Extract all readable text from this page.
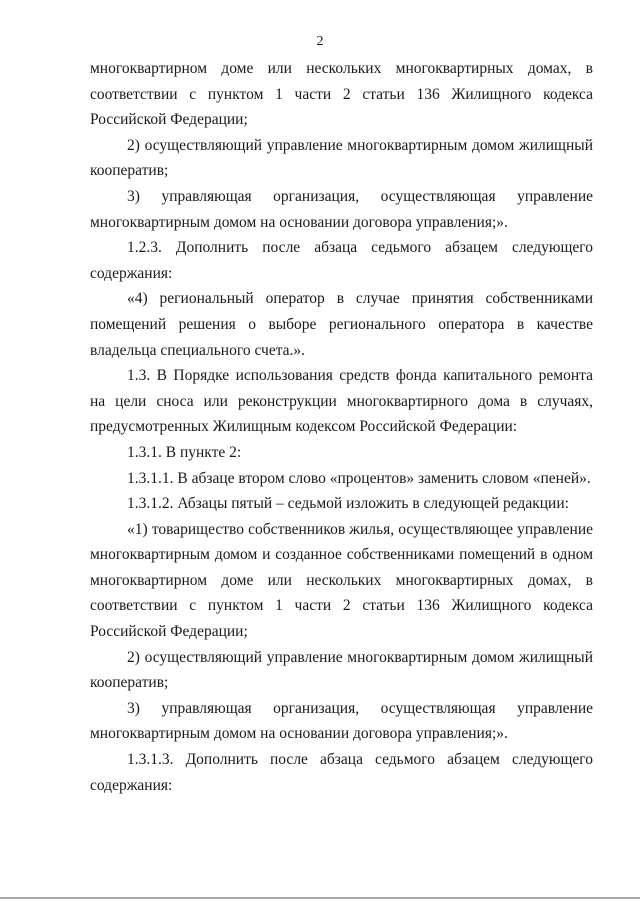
2

многоквартирном доме или нескольких многоквартирных домах, в соответствии с пунктом 1 части 2 статьи 136 Жилищного кодекса Российской Федерации;

2) осуществляющий управление многоквартирным домом жилищный кооператив;

3) управляющая организация, осуществляющая управление многоквартирным домом на основании договора управления;».

1.2.3. Дополнить после абзаца седьмого абзацем следующего содержания:

«4) региональный оператор в случае принятия собственниками помещений решения о выборе регионального оператора в качестве владельца специального счета.».

1.3. В Порядке использования средств фонда капитального ремонта на цели сноса или реконструкции многоквартирного дома в случаях, предусмотренных Жилищным кодексом Российской Федерации:

1.3.1. В пункте 2:

1.3.1.1. В абзаце втором слово «процентов» заменить словом «пеней».

1.3.1.2. Абзацы пятый – седьмой изложить в следующей редакции:

«1) товарищество собственников жилья, осуществляющее управление многоквартирным домом и созданное собственниками помещений в одном многоквартирном доме или нескольких многоквартирных домах, в соответствии с пунктом 1 части 2 статьи 136 Жилищного кодекса Российской Федерации;

2) осуществляющий управление многоквартирным домом жилищный кооператив;

3) управляющая организация, осуществляющая управление многоквартирным домом на основании договора управления;».

1.3.1.3. Дополнить после абзаца седьмого абзацем следующего содержания:
